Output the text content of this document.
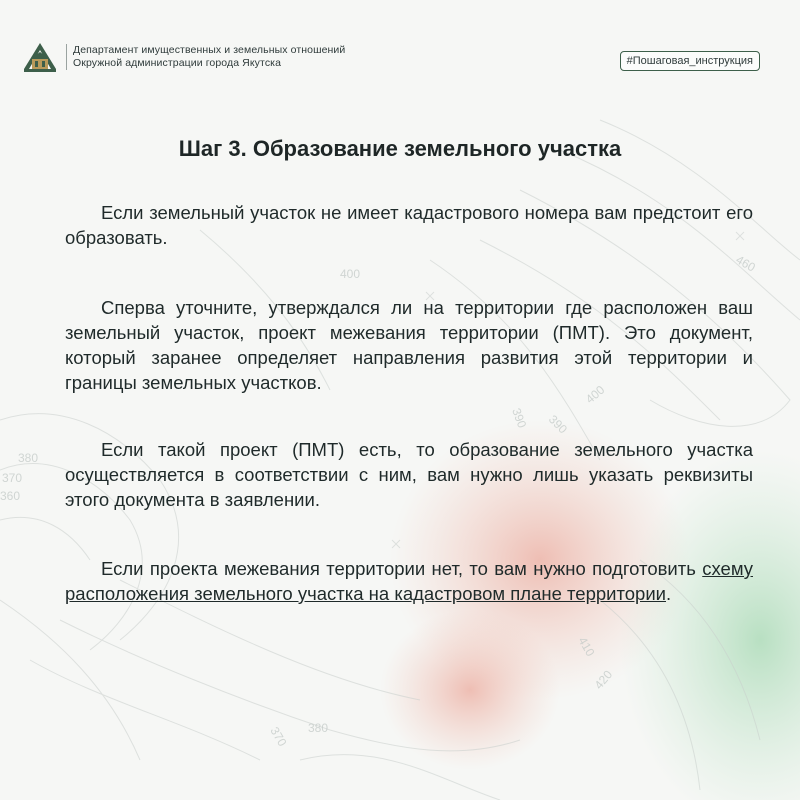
460
400
390
400
380
370
360
410
420
370 380
390
Департамент имущественных и земельных отношений
Окружной администрации города Якутска	#Пошаговая_инструкция
Шаг 3. Образование земельного участка

Если земельный участок не имеет кадастрового номера вам предстоит его образовать.

Сперва уточните, утверждался ли на территории где расположен ваш земельный участок, проект межевания территории (ПМТ). Это документ, который заранее определяет направления развития этой территории и границы земельных участков.

Если такой проект (ПМТ) есть, то образование земельного участка осуществляется в соответствии с ним, вам нужно лишь указать реквизиты этого документа в заявлении.

Если проекта межевания территории нет, то вам нужно подготовить схему расположения земельного участка на кадастровом плане территории.
